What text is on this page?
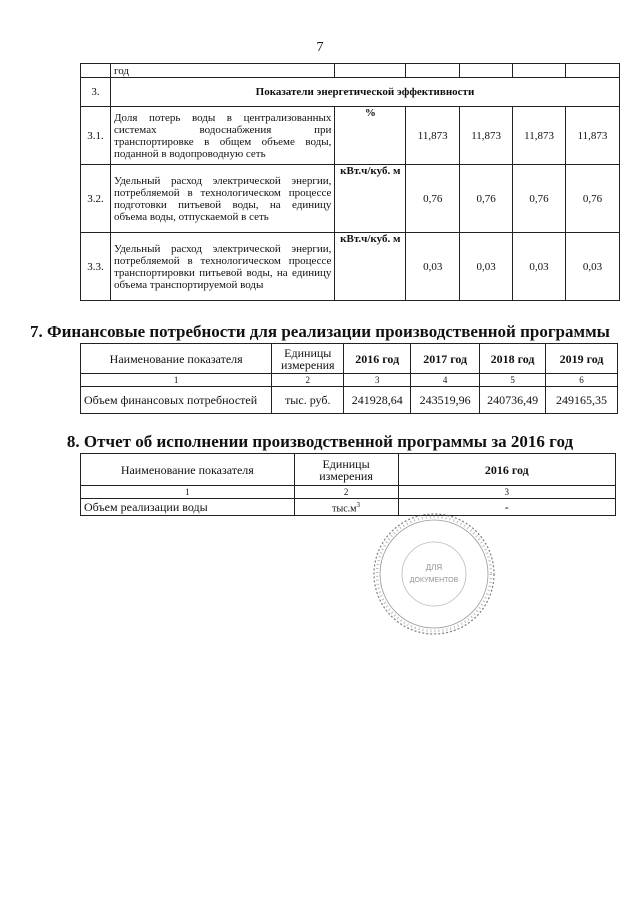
7
	год					
3.	Показатели энергетической эффективности					
3.1.	Доля потерь воды в централизованных системах водоснабжения при транспортировке в общем объеме воды, поданной в водопроводную сеть	%	11,873	11,873	11,873	11,873
3.2.	Удельный расход электрической энергии, потребляемой в технологическом процессе подготовки питьевой воды, на единицу объема воды, отпускаемой в сеть	кВт.ч/куб. м	0,76	0,76	0,76	0,76
3.3.	Удельный расход электрической энергии, потребляемой в технологическом процессе транспортировки питьевой воды, на единицу объема транспортируемой воды	кВт.ч/куб. м	0,03	0,03	0,03	0,03
7. Финансовые потребности для реализации производственной программы
Наименование показателя	Единицы измерения	2016 год	2017 год	2018 год	2019 год
1	2	3	4	5	6
Объем финансовых потребностей	тыс. руб.	241928,64	243519,96	240736,49	249165,35
8. Отчет об исполнении производственной программы за 2016 год
Наименование показателя	Единицы измерения	2016 год
1	2	3
Объем реализации воды	$тыс.м^3$	-
ДЛЯ
ДОКУМЕНТОВ
